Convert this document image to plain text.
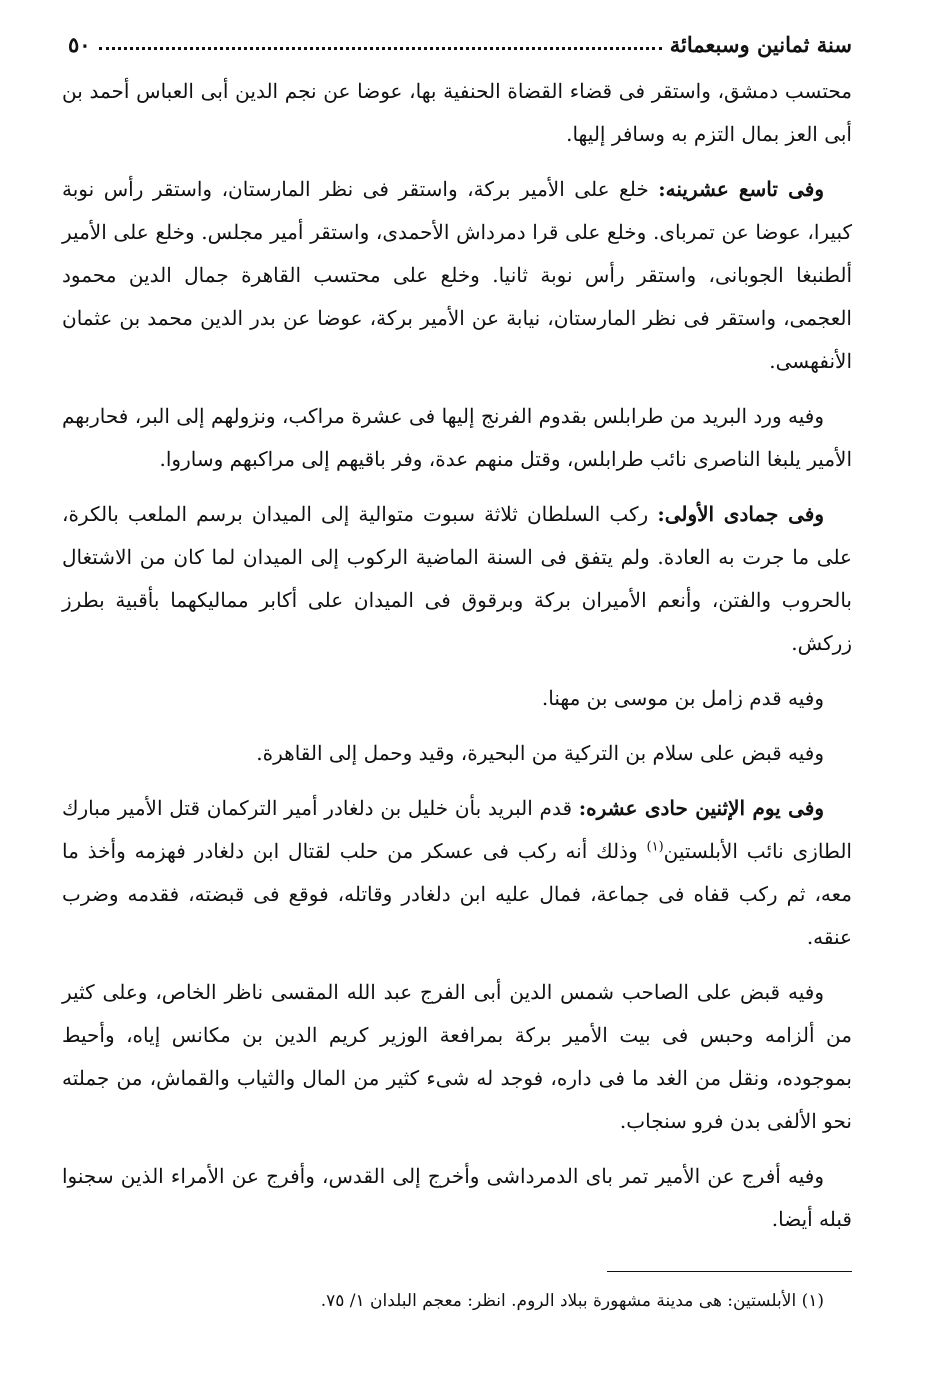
سنة ثمانين وسبعمائة
٥٠

محتسب دمشق، واستقر فى قضاء القضاة الحنفية بها، عوضا عن نجم الدين أبى العباس أحمد بن أبى العز بمال التزم به وسافر إليها.

وفى تاسع عشرينه: خلع على الأمير بركة، واستقر فى نظر المارستان، واستقر رأس نوبة كبيرا، عوضا عن تمرباى. وخلع على قرا دمرداش الأحمدى، واستقر أمير مجلس. وخلع على الأمير ألطنبغا الجوبانى، واستقر رأس نوبة ثانيا. وخلع على محتسب القاهرة جمال الدين محمود العجمى، واستقر فى نظر المارستان، نيابة عن الأمير بركة، عوضا عن بدر الدين محمد بن عثمان الأنفهسى.

وفيه ورد البريد من طرابلس بقدوم الفرنج إليها فى عشرة مراكب، ونزولهم إلى البر، فحاربهم الأمير يلبغا الناصرى نائب طرابلس، وقتل منهم عدة، وفر باقيهم إلى مراكبهم وساروا.

وفى جمادى الأولى: ركب السلطان ثلاثة سبوت متوالية إلى الميدان برسم الملعب بالكرة، على ما جرت به العادة. ولم يتفق فى السنة الماضية الركوب إلى الميدان لما كان من الاشتغال بالحروب والفتن، وأنعم الأميران بركة وبرقوق فى الميدان على أكابر مماليكهما بأقبية بطرز زركش.

وفيه قدم زامل بن موسى بن مهنا.

وفيه قبض على سلام بن التركية من البحيرة، وقيد وحمل إلى القاهرة.

وفى يوم الإثنين حادى عشره: قدم البريد بأن خليل بن دلغادر أمير التركمان قتل الأمير مبارك الطازى نائب الأبلستين$^{(١)}$ وذلك أنه ركب فى عسكر من حلب لقتال ابن دلغادر فهزمه وأخذ ما معه، ثم ركب قفاه فى جماعة، فمال عليه ابن دلغادر وقاتله، فوقع فى قبضته، فقدمه وضرب عنقه.

وفيه قبض على الصاحب شمس الدين أبى الفرج عبد الله المقسى ناظر الخاص، وعلى كثير من ألزامه وحبس فى بيت الأمير بركة بمرافعة الوزير كريم الدين بن مكانس إياه، وأحيط بموجوده، ونقل من الغد ما فى داره، فوجد له شىء كثير من المال والثياب والقماش، من جملته نحو الألفى بدن فرو سنجاب.

وفيه أفرج عن الأمير تمر باى الدمرداشى وأخرج إلى القدس، وأفرج عن الأمراء الذين سجنوا قبله أيضا.

(١) الأبلستين: هى مدينة مشهورة ببلاد الروم. انظر: معجم البلدان ١/ ٧٥.
